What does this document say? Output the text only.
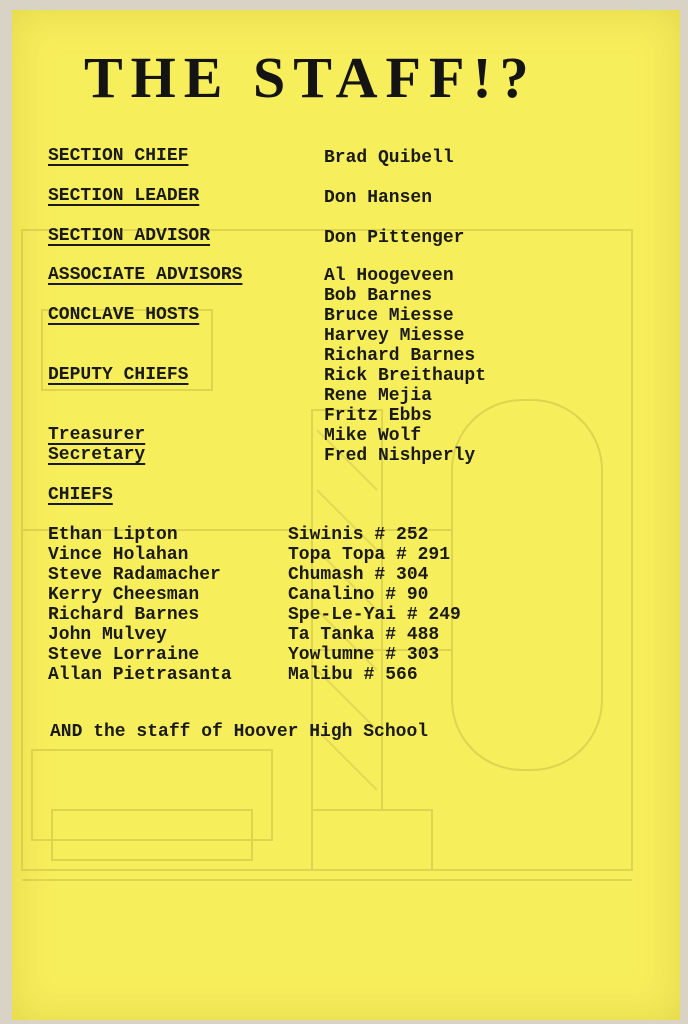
THE STAFF!?
SECTION CHIEF	Brad Quibell
SECTION LEADER	Don Hansen
SECTION ADVISOR	Don Pittenger
ASSOCIATE ADVISORS	Al Hoogeveen
Bob Barnes
CONCLAVE HOSTS	Bruce Miesse
Harvey Miesse
Richard Barnes
DEPUTY CHIEFS	Rick Breithaupt
Rene Mejia
Fritz Ebbs
Treasurer	Mike Wolf
Secretary	Fred Nishperly
CHIEFS
Ethan Lipton	Siwinis # 252
Vince Holahan	Topa Topa # 291
Steve Radamacher	Chumash # 304
Kerry Cheesman	Canalino # 90
Richard Barnes	Spe-Le-Yai # 249
John Mulvey	Ta Tanka # 488
Steve Lorraine	Yowlumne # 303
Allan Pietrasanta	Malibu # 566
AND the staff of Hoover High School
